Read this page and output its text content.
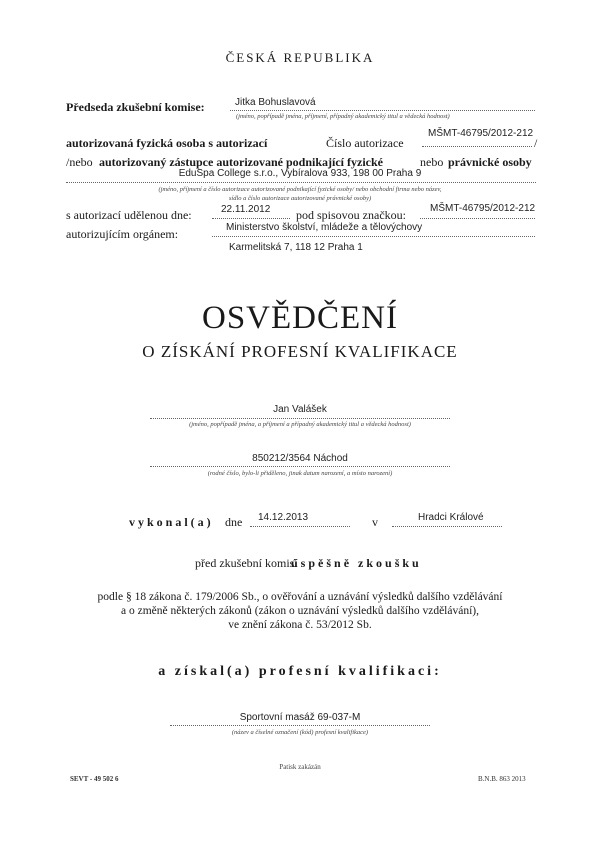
ČESKÁ REPUBLIKA
Předseda zkušební komise:	Jitka Bohuslavová
(jméno, popřípadě jména, příjmení, případný akademický titul a vědecká hodnost)
autorizovaná fyzická osoba s autorizací	Číslo autorizace
MŠMT-46795/2012-212
/
/nebo autorizovaný zástupce autorizované podnikající fyzické	nebo právnické osoby
EduSpa College s.r.o., Vybíralova 933, 198 00 Praha 9
(jméno, příjmení a číslo autorizace autorizované podnikající fyzické osoby/ nebo obchodní firma nebo název,
sídlo a číslo autorizace autorizované právnické osoby)
s autorizací udělenou dne:	22.11.2012 pod spisovou značkou: MŠMT-46795/2012-212
autorizujícím orgánem:	Ministerstvo školství, mládeže a tělovýchovy
Karmelitská 7, 118 12 Praha 1
OSVĚDČENÍ
O ZÍSKÁNÍ PROFESNÍ KVALIFIKACE
Jan Valášek
(jméno, popřípadě jména, a příjmení a případný akademický titul a vědecká hodnost)
850212/3564 Náchod
(rodné číslo, bylo-li přiděleno, jinak datum narození, a místo narození)
vykonal(a) dne 14.12.2013	v	Hradci Králové
před zkušební komisí
úspěšně zkoušku
podle § 18 zákona č. 179/2006 Sb., o ověřování a uznávání výsledků dalšího vzdělávání
a o změně některých zákonů (zákon o uznávání výsledků dalšího vzdělávání),
ve znění zákona č. 53/2012 Sb.
a získal(a) profesní kvalifikaci:
Sportovní masáž 69-037-M
(název a číselné označení (kód) profesní kvalifikace)
Patisk zakázán
SEVT - 49 502 6	B.N.B. 863 2013
